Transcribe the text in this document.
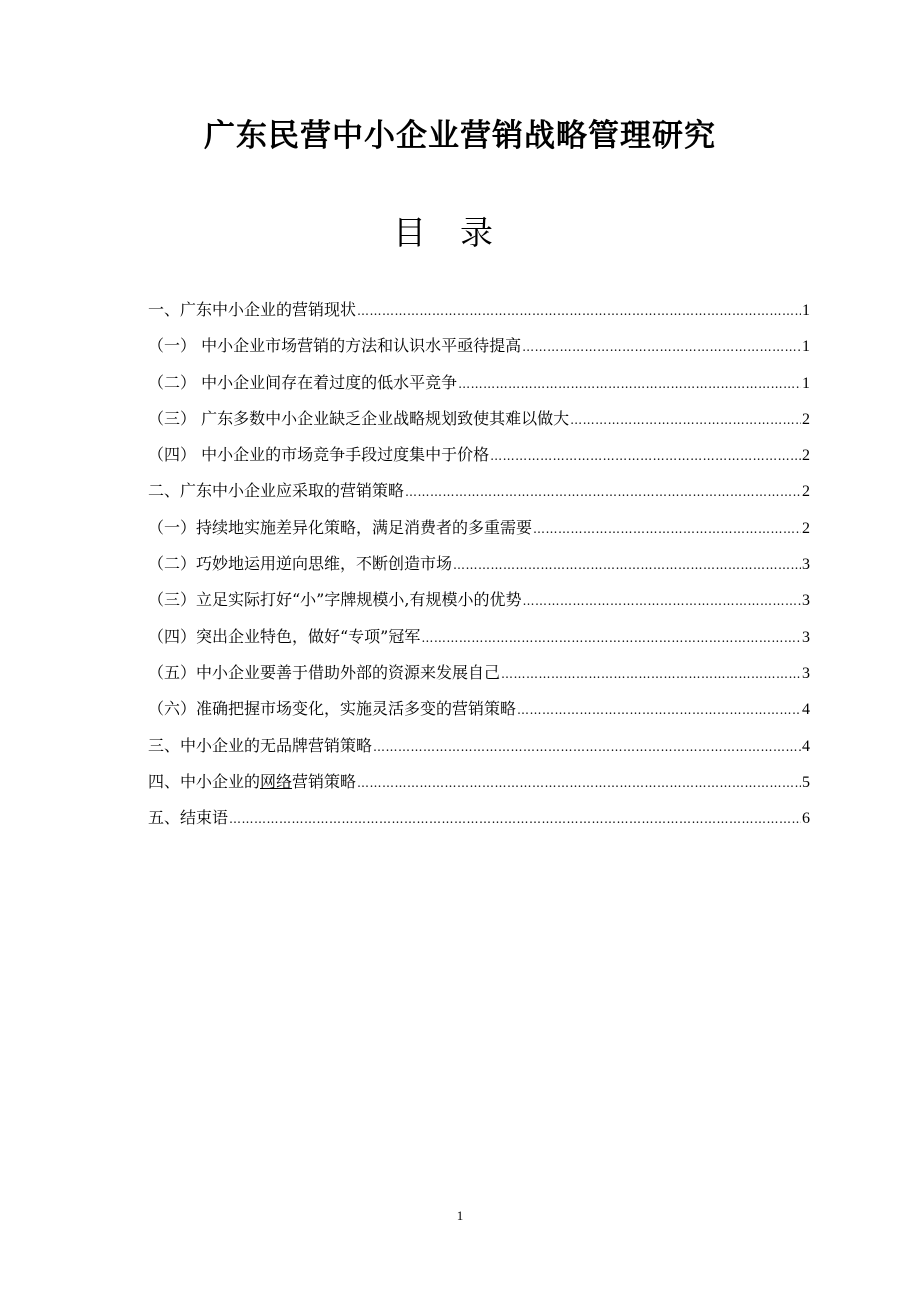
广东民营中小企业营销战略管理研究
目录
一、广东中小企业的营销现状 ……………………………………………………………………………………………………………………………………………	1
（一） 中小企业市场营销的方法和认识水平亟待提高 ……………………………………………………………………………………………………………………………………………	1
（二） 中小企业间存在着过度的低水平竞争 ……………………………………………………………………………………………………………………………………………	1
（三） 广东多数中小企业缺乏企业战略规划致使其难以做大 ……………………………………………………………………………………………………………………………………………	2
（四） 中小企业的市场竞争手段过度集中于价格 ……………………………………………………………………………………………………………………………………………	2
二、广东中小企业应采取的营销策略 ……………………………………………………………………………………………………………………………………………	2
（一）持续地实施差异化策略，满足消费者的多重需要 ……………………………………………………………………………………………………………………………………………	2
（二）巧妙地运用逆向思维，不断创造市场 ……………………………………………………………………………………………………………………………………………	3
（三）立足实际打好“小”字牌规模小,有规模小的优势 ……………………………………………………………………………………………………………………………………………	3
（四）突出企业特色，做好“专项”冠军 ……………………………………………………………………………………………………………………………………………	3
（五）中小企业要善于借助外部的资源来发展自己 ……………………………………………………………………………………………………………………………………………	3
（六）准确把握市场变化，实施灵活多变的营销策略 ……………………………………………………………………………………………………………………………………………	4
三、中小企业的无品牌营销策略 ……………………………………………………………………………………………………………………………………………	4
四、中小企业的网络营销策略 ……………………………………………………………………………………………………………………………………………	5
五、结束语 ……………………………………………………………………………………………………………………………………………	6
1
